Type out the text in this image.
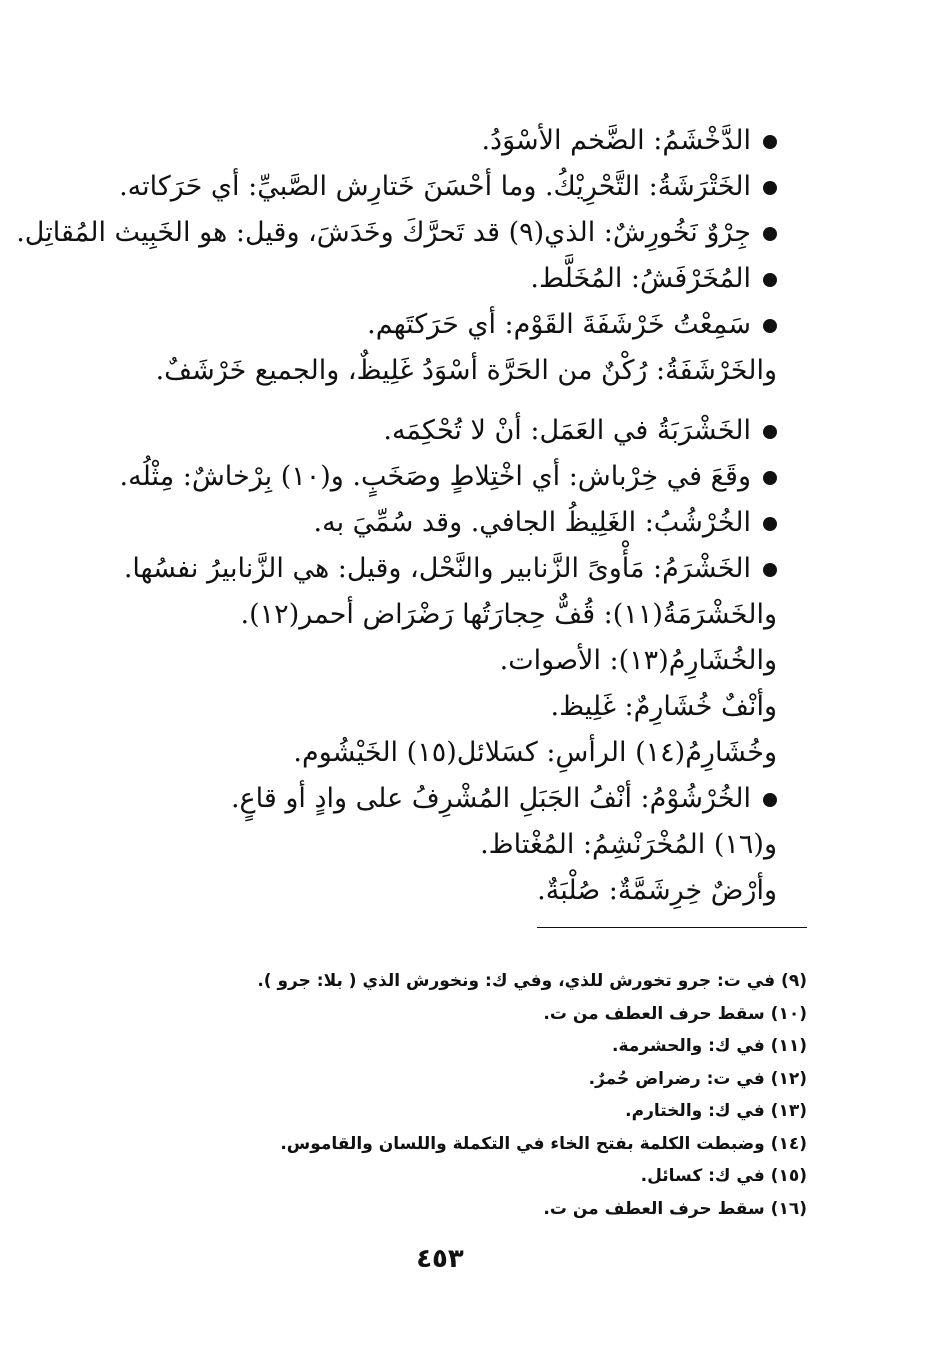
الدَّخْشَمُ: الضَّخم الأسْوَدُ.
الخَتْرَشَةُ: التَّحْرِيْكُ. وما أحْسَنَ خَتارِش الصَّبيِّ: أي حَرَكاته.
جِرْوٌ نَخُورِشٌ: الذي(٩) قد تَحرَّكَ وخَدَشَ، وقيل: هو الخَبِيث المُقاتِل.
المُخَرْفَشُ: المُخَلَّط.
سَمِعْتُ خَرْشَفَةَ القَوْم: أي حَرَكتَهم.
والخَرْشَفَةُ: رُكْنٌ من الحَرَّة أسْوَدُ غَلِيظٌ، والجميع خَرْشَفٌ.
الخَشْرَبَةُ في العَمَل: أنْ لا تُحْكِمَه.
وقَعَ في خِرْباش: أي اخْتِلاطٍ وصَخَبٍ. و(١٠) بِرْخاشٌ: مِثْلُه.
الخُرْشُبُ: الغَلِيظُ الجافي. وقد سُمِّيَ به.
الخَشْرَمُ: مَأْوىً الزَّنابير والنَّحْل، وقيل: هي الزَّنابيرُ نفسُها.
والخَشْرَمَةُ(١١): قُفٌّ حِجارَتُها رَضْرَاض أحمر(١٢).
والخُشَارِمُ(١٣): الأصوات.
وأنْفٌ خُشَارِمٌ: غَلِيظ.
وخُشَارِمُ(١٤) الرأسِ: كسَلائل(١٥) الخَيْشُوم.
الخُرْشُوْمُ: أنْفُ الجَبَلِ المُشْرِفُ على وادٍ أو قاعٍ.
و(١٦) المُخْرَنْشِمُ: المُغْتاظ.
وأرْضٌ خِرِشَمَّةٌ: صُلْبَةٌ.
(٩) في ت: جرو تخورش للذي، وفي ك: ونخورش الذي ( بلا: جرو ).
(١٠) سقط حرف العطف من ت.
(١١) في ك: والحشرمة.
(١٢) في ت: رضراض حُمرٌ.
(١٣) في ك: والختارم.
(١٤) وضبطت الكلمة بفتح الخاء في التكملة واللسان والقاموس.
(١٥) في ك: كسائل.
(١٦) سقط حرف العطف من ت.
٤٥٣
